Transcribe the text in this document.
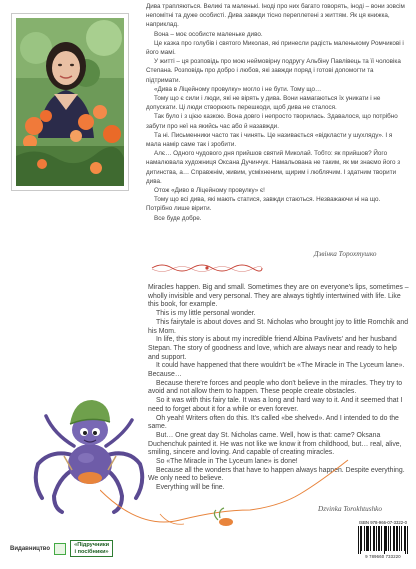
Дива трапляються. Великі та маленькі. Іноді про них багато говорять, іноді – вони зовсім непомітні та дуже особисті. Дива завжди тісно переплетені з життям. Як ця книжка, наприклад.

Вона – моє особисте маленьке диво.

Це казка про голубів і святого Миколая, які принесли радість маленькому Ромчикові і його мамі.

У житті – ця розповідь про мою неймовірну подругу Альбіну Павлівець та її чоловіка Степана. Розповідь про добро і любов, які завжди поряд і готові допомогти та підтримати.

«Дива в Ліцейному провулку» могло і не бути. Тому що…

Тому що є сили і люди, які не вірять у дива. Вони намагаються їх уникати і не допускати. Ці люди створюють перешкоди, щоб дива не сталося.

Так було і з цією казкою. Вона довго і непросто творилась. Здавалося, що потрібно забути про неї на якийсь час або й назавжди.

Та ні. Письменники часто так і чинять. Це називається «відкласти у шухляду». І я мала намір саме так і зробити.

Алє… Одного чудового дня прийшов святий Миколай. Тобто: як прийшов? Його намалювала художниця Оксана Дучинчук. Намальована не таким, як ми знаємо його з дитинства, а… Справжнім, живим, усміхненим, щирим і люблячим. І здатним творити дива.

Отож «Диво в Ліцейному провулку» є!

Тому що всі дива, які мають статися, завжди стаються. Незважаючи ні на що. Потрібно лише вірити.

Все буде добре.

Дзвінка Торохтушко

Miracles happen. Big and small. Sometimes they are on everyone's lips, sometimes – wholly invisible and very personal. They are always tightly intertwined with life. Like this book, for example.

This is my little personal wonder.

This fairytale is about doves and St. Nicholas who brought joy to little Romchik and his Mom.

In life, this story is about my incredible friend Albina Pavlivets' and her husband Stepan. The story of goodness and love, which are always near and ready to help and support.

It could have happened that there wouldn't be «The Miracle in The Lyceum lane». Because…

Because there're forces and people who don't believe in the miracles. They try to avoid and not allow them to happen. These people create obstacles.

So it was with this fairy tale. It was a long and hard way to it. And it seemed that I need to forget about it for a while or even forever.

Oh yeah! Writers often do this. It's called «be shelved». And I intended to do the same.

But… One great day St. Nicholas came. Well, how is that: came? Oksana Duchenchuk painted it. He was not like we know it from childhood, but… real, alive, smiling, sincere and loving. And capable of creating miracles.

So «The Miracle in The Lyceum lane» is done!

Because all the wonders that have to happen always happen. Despite everything. We only need to believe.

Everything will be fine.

Dzvinka Torokhtushko
Видавництво
«Підручники
і посібники»
ISBN 978-966-07-3322-0
9 789660 733220
